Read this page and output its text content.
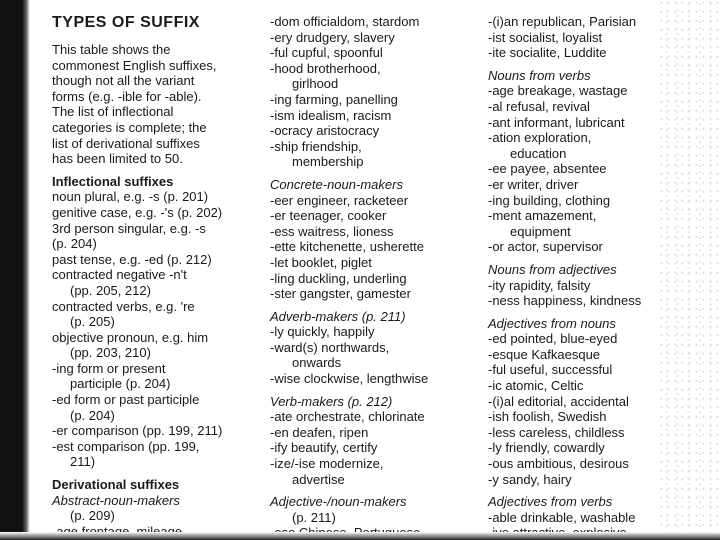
TYPES OF SUFFIX
This table shows the
commonest English suffixes,
though not all the variant
forms (e.g. -ible for -able).
The list of inflectional
categories is complete; the
list of derivational suffixes
has been limited to 50.
Inflectional suffixes
noun plural, e.g. -s (p. 201)
genitive case, e.g. -'s (p. 202)
3rd person singular, e.g. -s
(p. 204)
past tense, e.g. -ed (p. 212)
contracted negative -n't
(pp. 205, 212)
contracted verbs, e.g. 're
(p. 205)
objective pronoun, e.g. him
(pp. 203, 210)
-ing form or present
participle (p. 204)
-ed form or past participle
(p. 204)
-er comparison (pp. 199, 211)
-est comparison (pp. 199,
211)
Derivational suffixes
Abstract-noun-makers
(p. 209)
-dom officialdom, stardom
-ery drudgery, slavery
-ful cupful, spoonful
-hood brotherhood,
girlhood
-ing farming, panelling
-ism idealism, racism
-ocracy aristocracy
-ship friendship,
membership
Concrete-noun-makers
-eer engineer, racketeer
-er teenager, cooker
-ess waitress, lioness
-ette kitchenette, usherette
-let booklet, piglet
-ling duckling, underling
-ster gangster, gamester
Adverb-makers (p. 211)
-ly quickly, happily
-ward(s) northwards,
onwards
-wise clockwise, lengthwise
Verb-makers (p. 212)
-ate orchestrate, chlorinate
-en deafen, ripen
-ify beautify, certify
-ize/-ise modernize,
advertise
Adjective-/noun-makers
(p. 211)
-(i)an republican, Parisian
-ist socialist, loyalist
-ite socialite, Luddite
Nouns from verbs
-age breakage, wastage
-al refusal, revival
-ant informant, lubricant
-ation exploration,
education
-ee payee, absentee
-er writer, driver
-ing building, clothing
-ment amazement,
equipment
-or actor, supervisor
Nouns from adjectives
-ity rapidity, falsity
-ness happiness, kindness
Adjectives from nouns
-ed pointed, blue-eyed
-esque Kafkaesque
-ful useful, successful
-ic atomic, Celtic
-(i)al editorial, accidental
-ish foolish, Swedish
-less careless, childless
-ly friendly, cowardly
-ous ambitious, desirous
-y sandy, hairy
Adjectives from verbs
-able drinkable, washable
